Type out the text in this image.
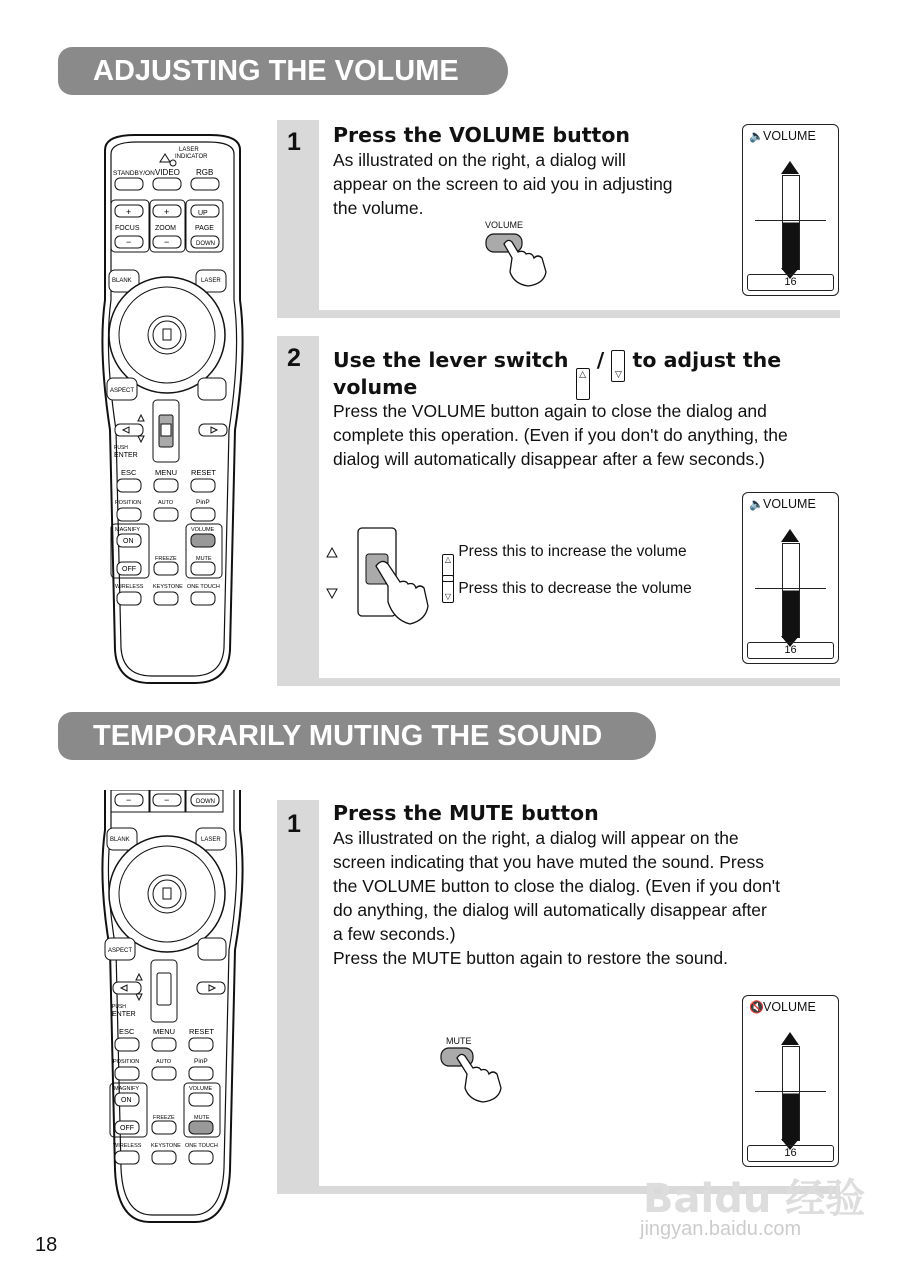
ADJUSTING THE VOLUME
LASER
INDICATOR
STANDBY/ON VIDEO RGB
+	+	UP
FOCUS ZOOM	PAGE
−	−	DOWN
BLANK	LASER
ASPECT
PUSH
ENTER
ESC MENU RESET
POSITION	AUTO	PinP
MAGNIFY	VOLUME
ON
FREEZE	MUTE
OFF
WIRELESS KEYSTONE ONE TOUCH
1 Press the VOLUME button
As illustrated on the right, a dialog will
appear on the screen to aid you in adjusting
the volume.
VOLUME
🔈 VOLUME
16
2 Use the lever switch △ / ▽ to adjust the
volume
Press the VOLUME button again to close the dialog and
complete this operation. (Even if you don't do anything, the
dialog will automatically disappear after a few seconds.)
△ Press this to increase the volume
▽ Press this to decrease the volume
🔈 VOLUME
16
TEMPORARILY MUTING THE SOUND
−	−	DOWN
BLANK	LASER
ASPECT
PUSH
ENTER
ESC MENU RESET
POSITION	AUTO	PinP
MAGNIFY	VOLUME
ON
FREEZE	MUTE
OFF
WIRELESS KEYSTONE ONE TOUCH
1 Press the MUTE button
As illustrated on the right, a dialog will appear on the
screen indicating that you have muted the sound. Press
the VOLUME button to close the dialog. (Even if you don't
do anything, the dialog will automatically disappear after
a few seconds.)
Press the MUTE button again to restore the sound.
MUTE
🔇 VOLUME
16
18
Baidu 经验
jingyan.baidu.com
